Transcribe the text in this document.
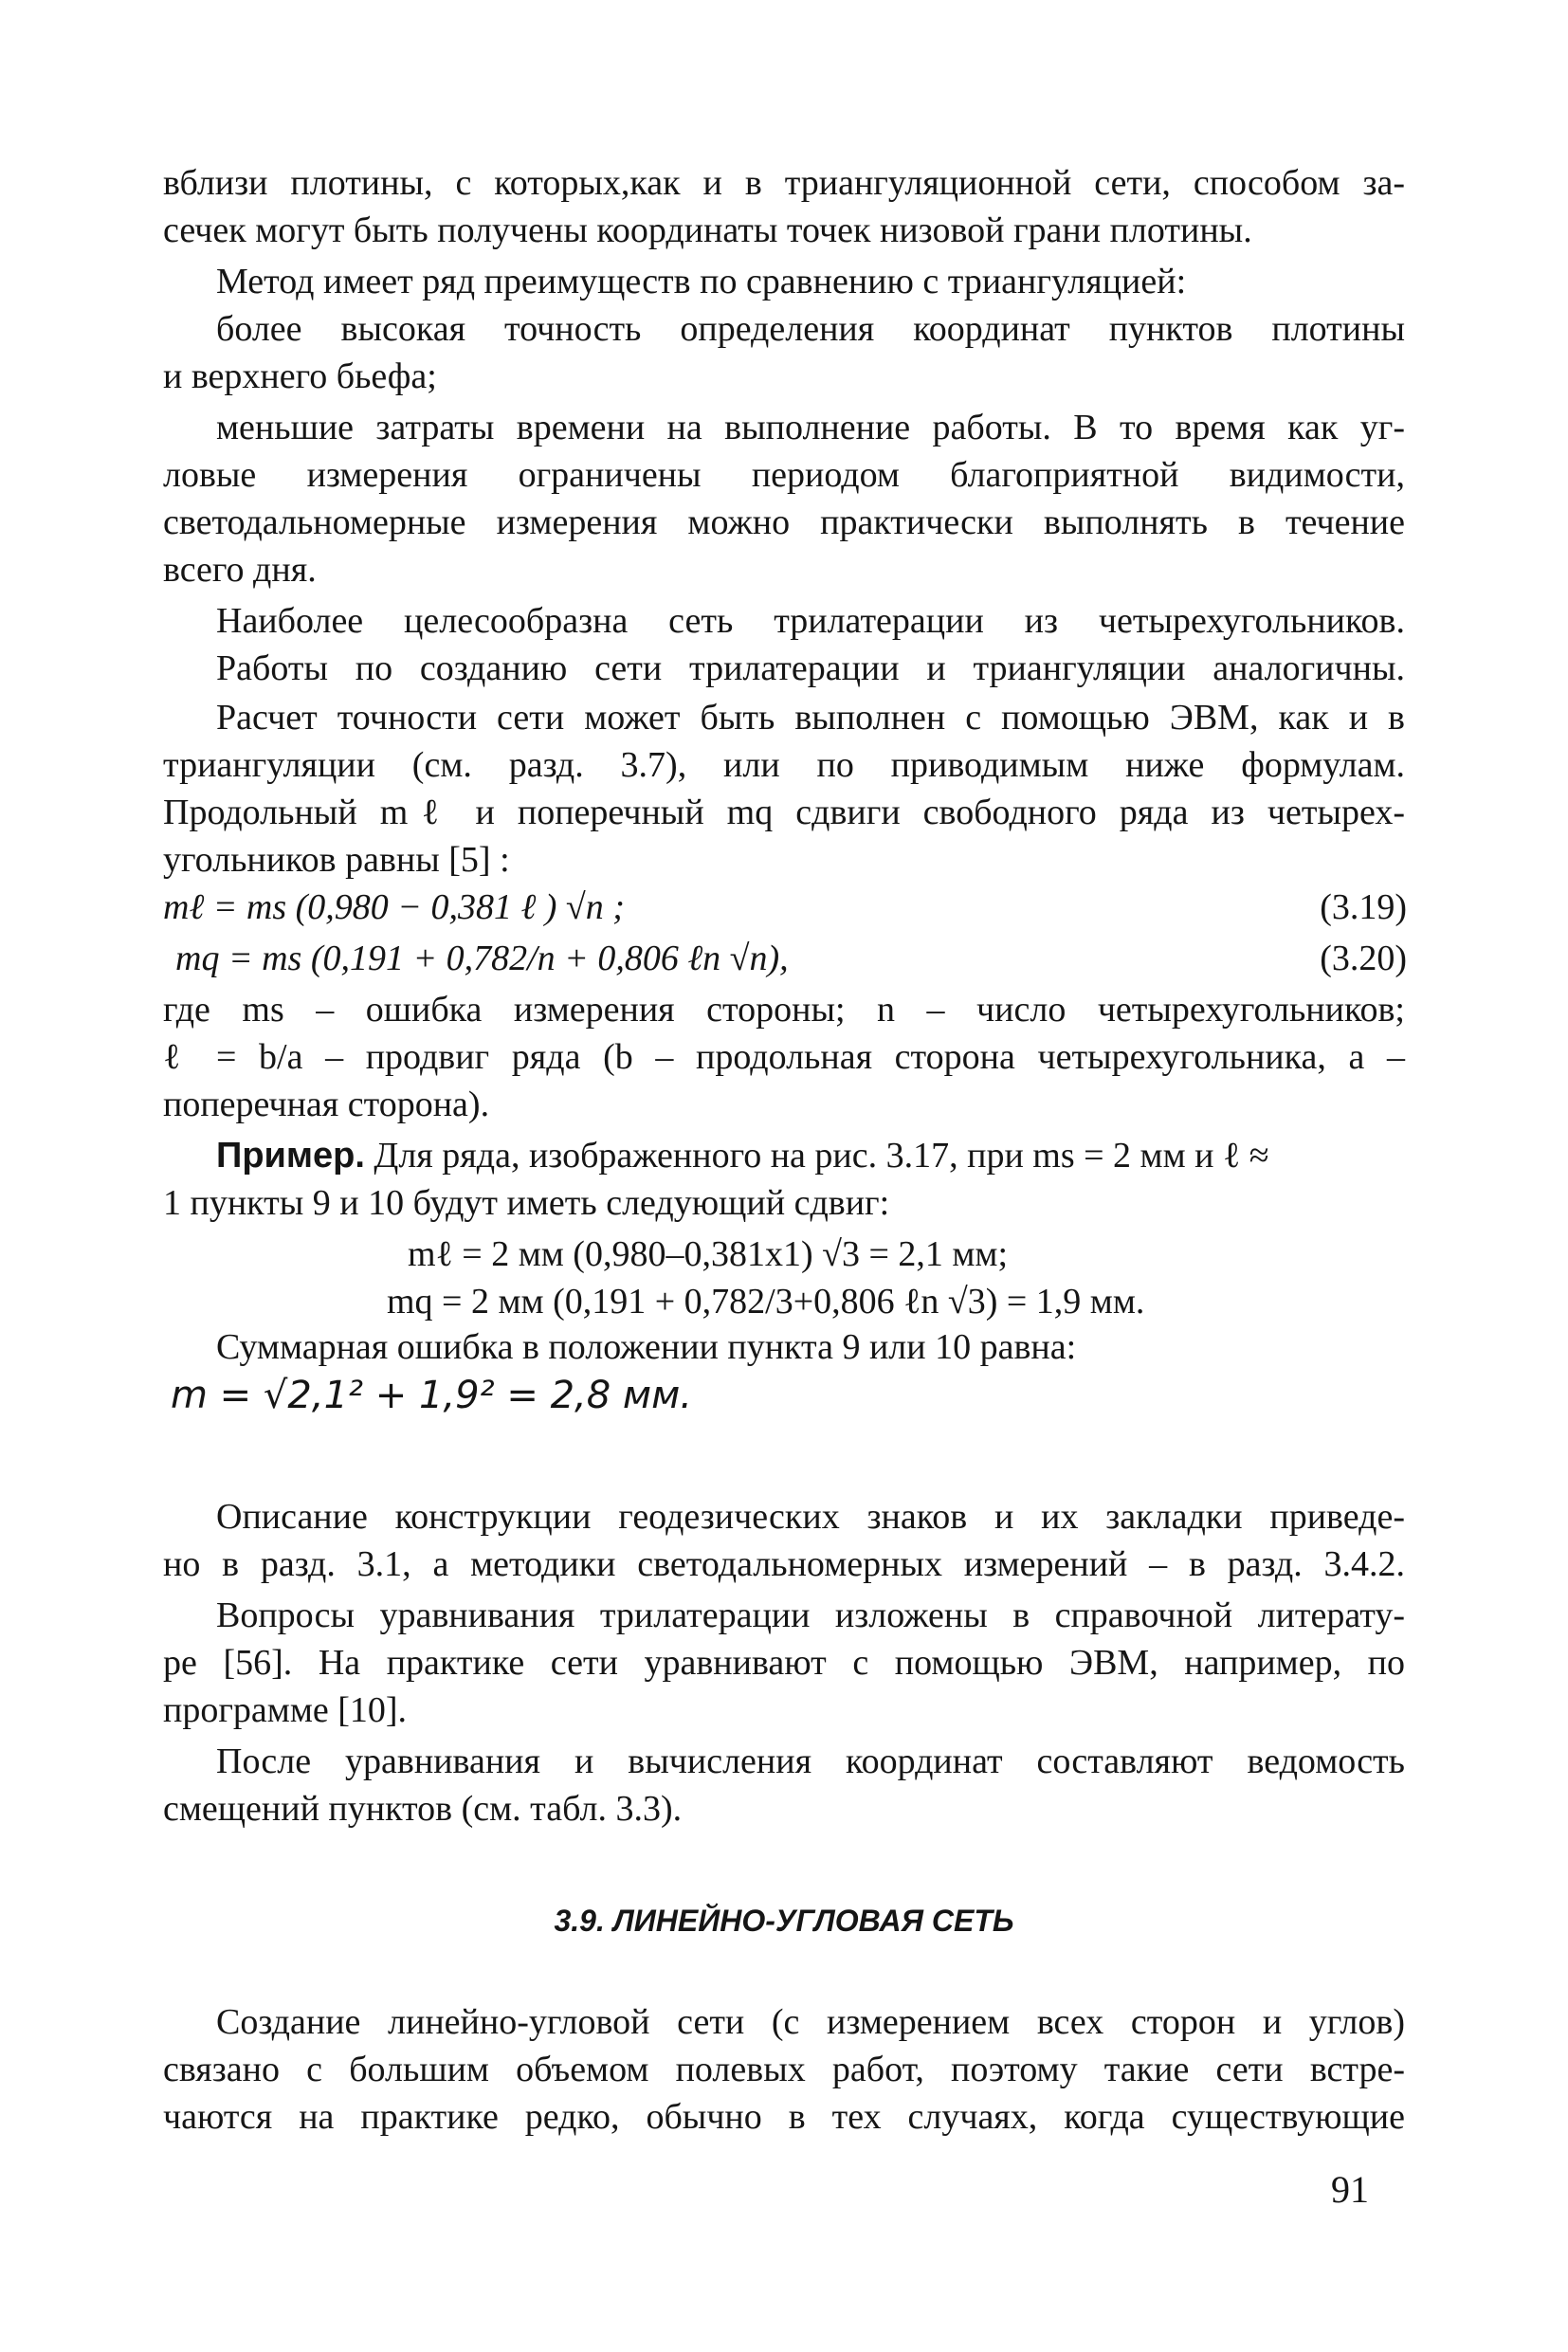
вблизи плотины, с которых,как и в триангуляционной сети, способом за-
сечек могут быть получены координаты точек низовой грани плотины.
Метод имеет ряд преимуществ по сравнению с триангуляцией:
более высокая точность определения координат пунктов плотины
и верхнего бьефа;
меньшие затраты времени на выполнение работы. В то время как уг-
ловые измерения ограничены периодом благоприятной видимости,
светодальномерные измерения можно практически выполнять в течение
всего дня.
Наиболее целесообразна сеть трилатерации из четырехугольников.
Работы по созданию сети трилатерации и триангуляции аналогичны.
Расчет точности сети может быть выполнен с помощью ЭВМ, как и в
триангуляции (см. разд. 3.7), или по приводимым ниже формулам.
Продольный mℓ и поперечный mq сдвиги свободного ряда из четырех-
угольников равны [5] :
mℓ = ms (0,980 − 0,381 ℓ ) √n ;	(3.19)
mq = ms (0,191 + 0,782/n + 0,806 ℓn √n),	(3.20)
где ms – ошибка измерения стороны; n – число четырехугольников;
ℓ = b/a – продвиг ряда (b – продольная сторона четырехугольника, a –
поперечная сторона).
Пример. Для ряда, изображенного на рис. 3.17, при ms = 2 мм и ℓ ≈
1 пункты 9 и 10 будут иметь следующий сдвиг:
mℓ = 2 мм (0,980–0,381x1) √3 = 2,1 мм;
mq = 2 мм (0,191 + 0,782/3+0,806 ℓn √3) = 1,9 мм.
Суммарная ошибка в положении пункта 9 или 10 равна:
m = √2,1² + 1,9² = 2,8 мм.
Описание конструкции геодезических знаков и их закладки приведе-
но в разд. 3.1, а методики светодальномерных измерений – в разд. 3.4.2.
Вопросы уравнивания трилатерации изложены в справочной литерату-
ре [56]. На практике сети уравнивают с помощью ЭВМ, например, по
программе [10].
После уравнивания и вычисления координат составляют ведомость
смещений пунктов (см. табл. 3.3).
3.9. ЛИНЕЙНО-УГЛОВАЯ СЕТЬ
Создание линейно-угловой сети (с измерением всех сторон и углов)
связано с большим объемом полевых работ, поэтому такие сети встре-
чаются на практике редко, обычно в тех случаях, когда существующие
91
